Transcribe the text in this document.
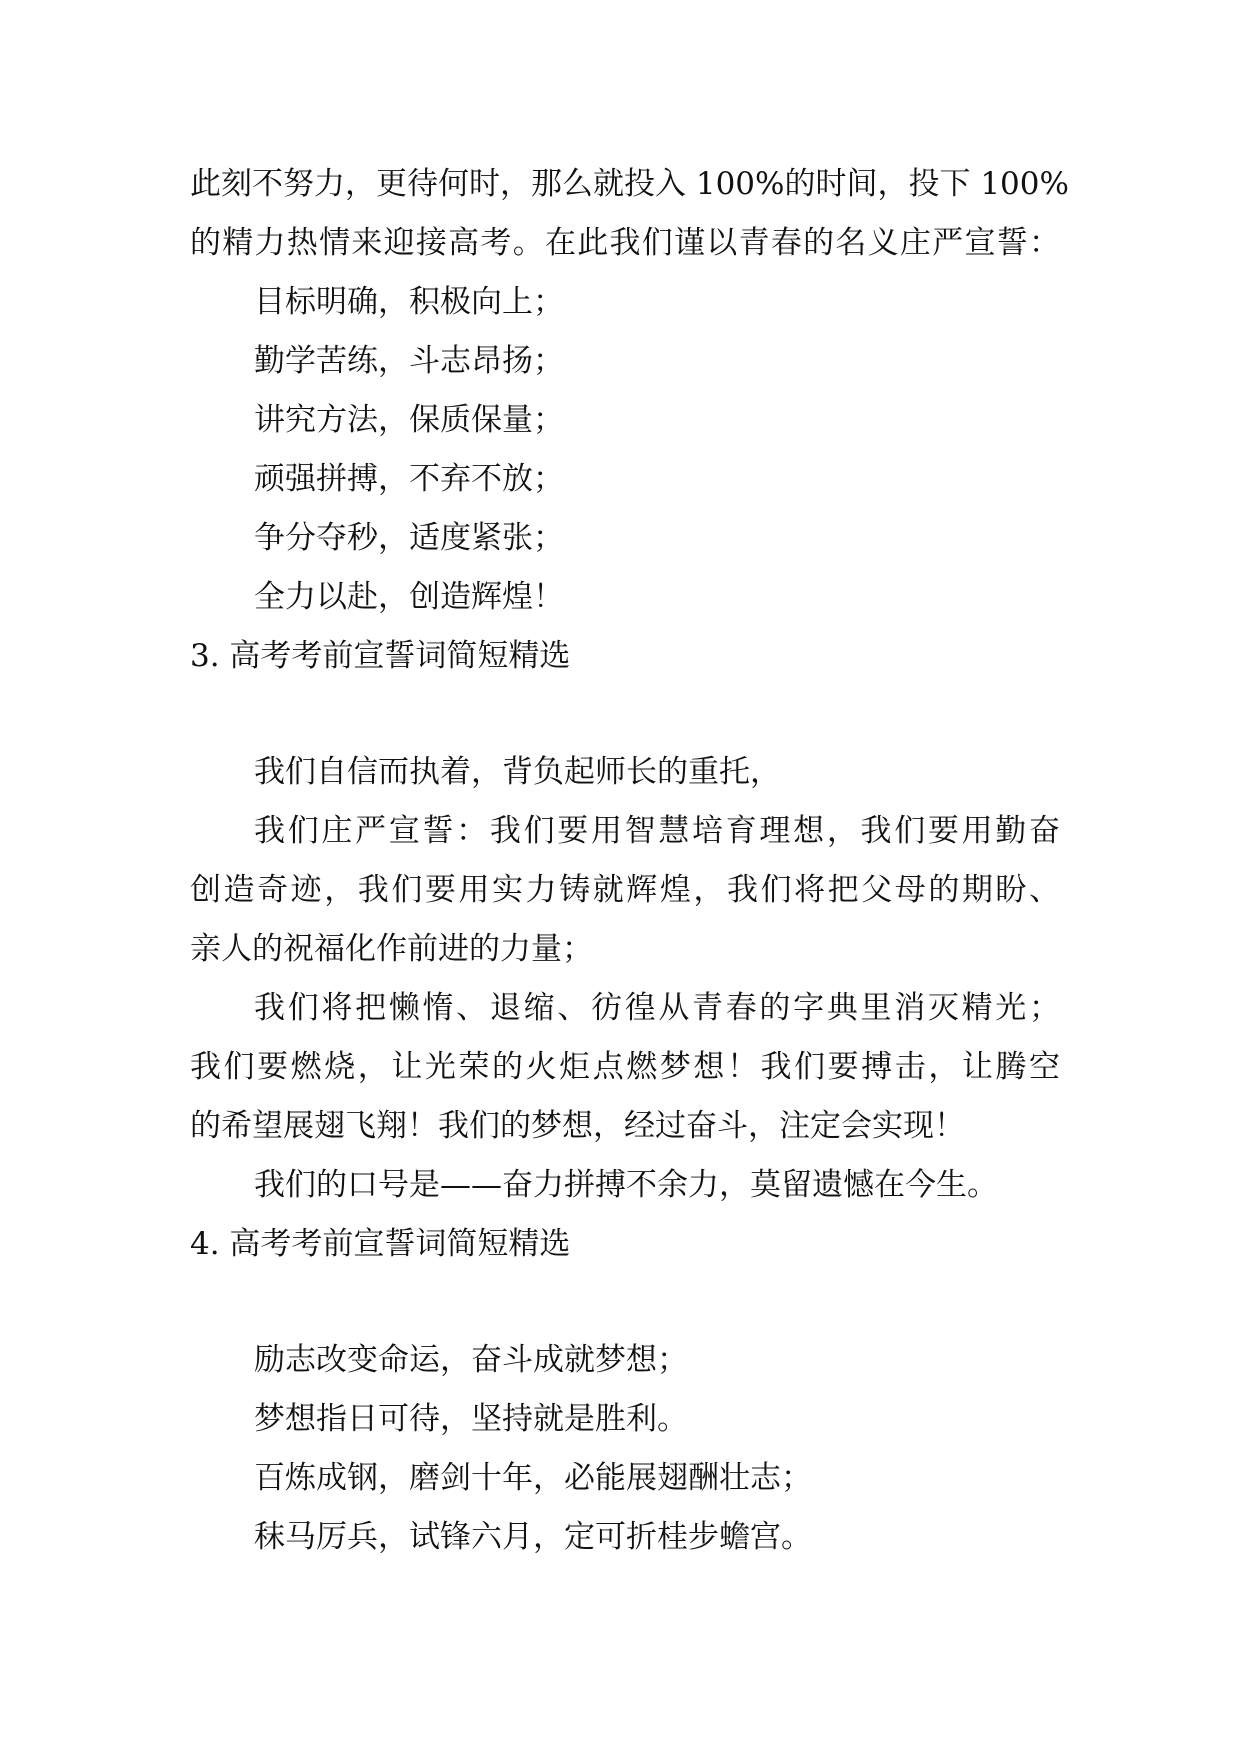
此刻不努力，更待何时，那么就投入 100%的时间，投下 100%
的精力热情来迎接高考。在此我们谨以青春的名义庄严宣誓：
目标明确，积极向上；
勤学苦练，斗志昂扬；
讲究方法，保质保量；
顽强拼搏，不弃不放；
争分夺秒，适度紧张；
全力以赴，创造辉煌！
3. 高考考前宣誓词简短精选
我们自信而执着，背负起师长的重托，
我们庄严宣誓：我们要用智慧培育理想，我们要用勤奋
创造奇迹，我们要用实力铸就辉煌，我们将把父母的期盼、
亲人的祝福化作前进的力量；
我们将把懒惰、退缩、彷徨从青春的字典里消灭精光；
我们要燃烧，让光荣的火炬点燃梦想！我们要搏击，让腾空
的希望展翅飞翔！我们的梦想，经过奋斗，注定会实现！
我们的口号是——奋力拼搏不余力，莫留遗憾在今生。
4. 高考考前宣誓词简短精选
励志改变命运，奋斗成就梦想；
梦想指日可待，坚持就是胜利。
百炼成钢，磨剑十年，必能展翅酬壮志；
秣马厉兵，试锋六月，定可折桂步蟾宫。
